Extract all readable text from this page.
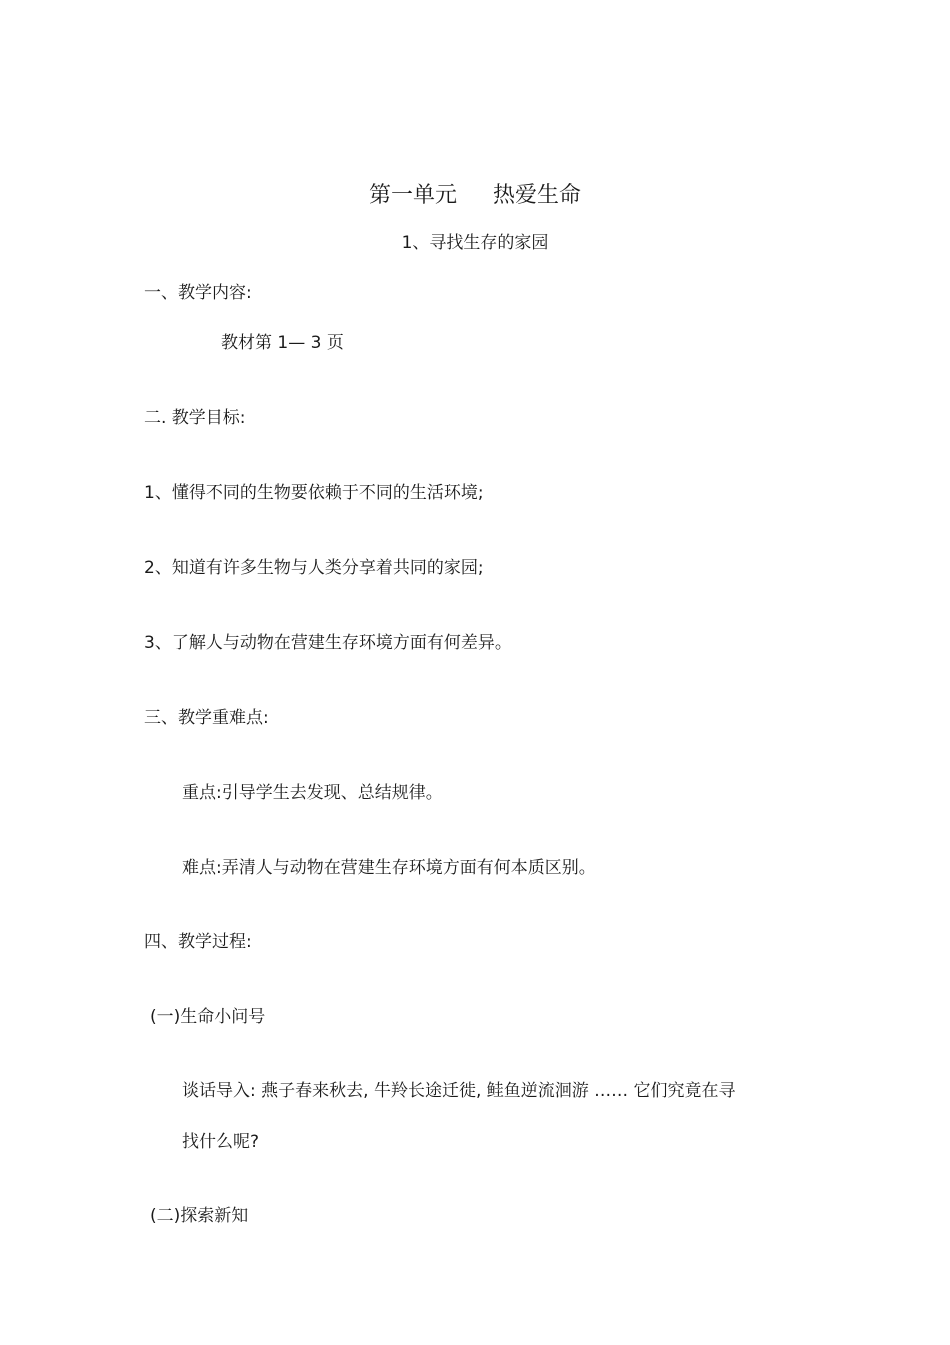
第一单元 热爱生命
1、寻找生存的家园
一、教学内容:
教材第 1— 3 页
二. 教学目标:
1、懂得不同的生物要依赖于不同的生活环境;
2、知道有许多生物与人类分享着共同的家园;
3、了解人与动物在营建生存环境方面有何差异。
三、教学重难点:
重点:引导学生去发现、总结规律。
难点:弄清人与动物在营建生存环境方面有何本质区别。
四、教学过程:
(一)生命小问号
谈话导入: 燕子春来秋去, 牛羚长途迁徙, 鲑鱼逆流洄游 …… 它们究竟在寻
找什么呢?
(二)探索新知
